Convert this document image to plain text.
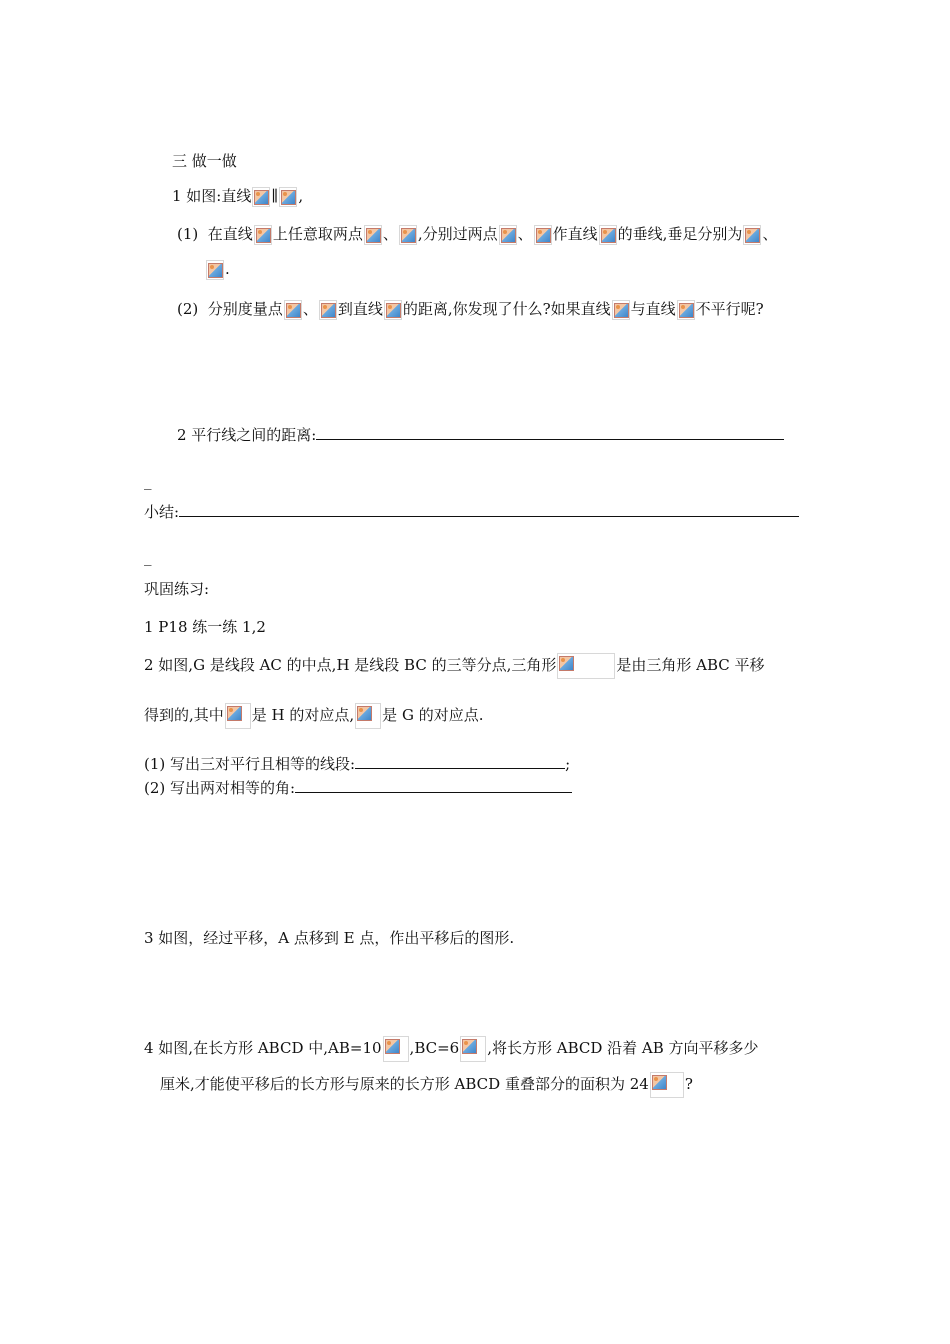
三 做一做
1 如图:直线 ∥ ,
(1) 在直线 上任意取两点 、 ,分别过两点 、 作直线 的垂线,垂足分别为 、
.
(2) 分别度量点 、 到直线 的距离,你发现了什么?如果直线 与直线 不平行呢?
2 平行线之间的距离:
_
小结:
_
巩固练习:
1 P18 练一练 1,2
2 如图,G 是线段 AC 的中点,H 是线段 BC 的三等分点,三角形	是由三角形 ABC 平移
得到的,其中 是 H 的对应点, 是 G 的对应点.
(1) 写出三对平行且相等的线段:	;
(2) 写出两对相等的角:
3 如图，经过平移，A 点移到 E 点，作出平移后的图形.
4 如图,在长方形 ABCD 中,AB=10 ,BC=6 ,将长方形 ABCD 沿着 AB 方向平移多少
厘米,才能使平移后的长方形与原来的长方形 ABCD 重叠部分的面积为 24 ?
